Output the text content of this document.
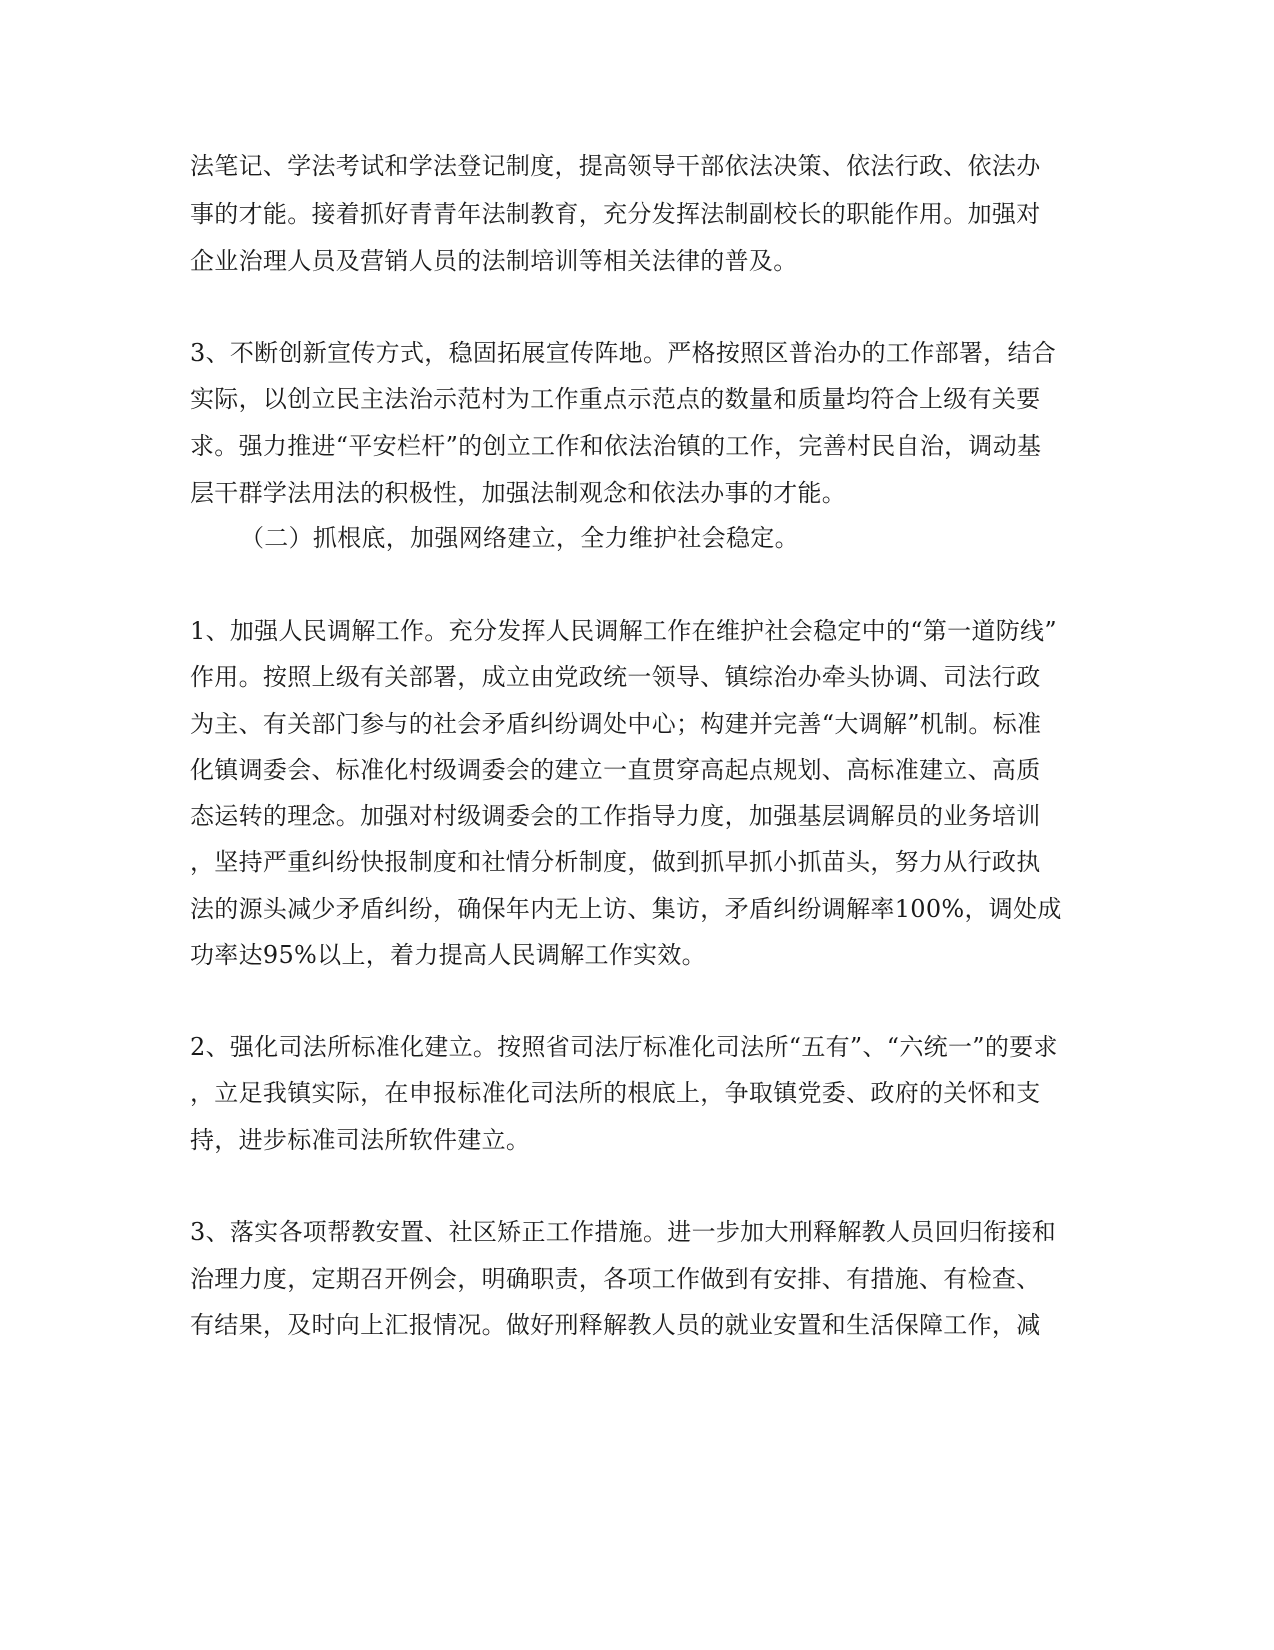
法笔记、学法考试和学法登记制度，提高领导干部依法决策、依法行政、依法办
事的才能。接着抓好青青年法制教育，充分发挥法制副校长的职能作用。加强对
企业治理人员及营销人员的法制培训等相关法律的普及。
3、不断创新宣传方式，稳固拓展宣传阵地。严格按照区普治办的工作部署，结合
实际，以创立民主法治示范村为工作重点示范点的数量和质量均符合上级有关要
求。强力推进“平安栏杆”的创立工作和依法治镇的工作，完善村民自治，调动基
层干群学法用法的积极性，加强法制观念和依法办事的才能。
（二）抓根底，加强网络建立，全力维护社会稳定。
1、加强人民调解工作。充分发挥人民调解工作在维护社会稳定中的“第一道防线”
作用。按照上级有关部署，成立由党政统一领导、镇综治办牵头协调、司法行政
为主、有关部门参与的社会矛盾纠纷调处中心；构建并完善“大调解”机制。标准
化镇调委会、标准化村级调委会的建立一直贯穿高起点规划、高标准建立、高质
态运转的理念。加强对村级调委会的工作指导力度，加强基层调解员的业务培训
，坚持严重纠纷快报制度和社情分析制度，做到抓早抓小抓苗头，努力从行政执
法的源头减少矛盾纠纷，确保年内无上访、集访，矛盾纠纷调解率100%，调处成
功率达95%以上，着力提高人民调解工作实效。
2、强化司法所标准化建立。按照省司法厅标准化司法所“五有”、“六统一”的要求
，立足我镇实际，在申报标准化司法所的根底上，争取镇党委、政府的关怀和支
持，进步标准司法所软件建立。
3、落实各项帮教安置、社区矫正工作措施。进一步加大刑释解教人员回归衔接和
治理力度，定期召开例会，明确职责，各项工作做到有安排、有措施、有检查、
有结果，及时向上汇报情况。做好刑释解教人员的就业安置和生活保障工作，减
